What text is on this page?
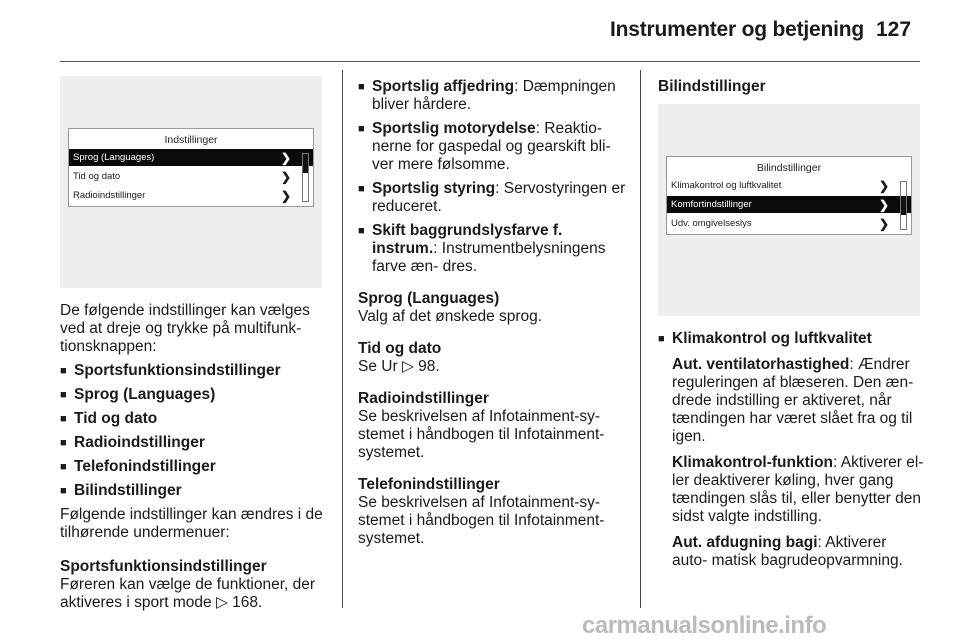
Instrumenter og betjening 127
Indstillinger
Sprog (Languages)	❯
Tid og dato	❯
Radioindstillinger	❯

De følgende indstillinger kan vælges ved at dreje og trykke på multifunk- tionsknappen:

■ Sportsfunktionsindstillinger
■ Sprog (Languages)
■ Tid og dato
■ Radioindstillinger
■ Telefonindstillinger
■ Bilindstillinger

Følgende indstillinger kan ændres i de tilhørende undermenuer:

Sportsfunktionsindstillinger
Føreren kan vælge de funktioner, der aktiveres i sport mode ▷ 168.
■ Sportslig affjedring: Dæmpningen bliver hårdere.
■ Sportslig motorydelse: Reaktio- nerne for gaspedal og gearskift bli- ver mere følsomme.
■ Sportslig styring: Servostyringen er reduceret.
■ Skift baggrundslysfarve f. instrum.: Instrumentbelysningens farve æn- dres.
Sprog (Languages)
Valg af det ønskede sprog.
Tid og dato
Se Ur ▷ 98.
Radioindstillinger
Se beskrivelsen af Infotainment-sy- stemet i håndbogen til Infotainment- systemet.
Telefonindstillinger
Se beskrivelsen af Infotainment-sy- stemet i håndbogen til Infotainment- systemet.
Bilindstillinger
Bilindstillinger
Klimakontrol og luftkvalitet	❯
Komfortindstillinger	❯
Udv. omgivelseslys	❯
■ Klimakontrol og luftkvalitet
Aut. ventilatorhastighed: Ændrer reguleringen af blæseren. Den æn- drede indstilling er aktiveret, når tændingen har været slået fra og til igen.
Klimakontrol-funktion: Aktiverer el- ler deaktiverer køling, hver gang tændingen slås til, eller benytter den sidst valgte indstilling.
Aut. afdugning bagi: Aktiverer auto- matisk bagrudeopvarmning.
carmanualsonline.info
